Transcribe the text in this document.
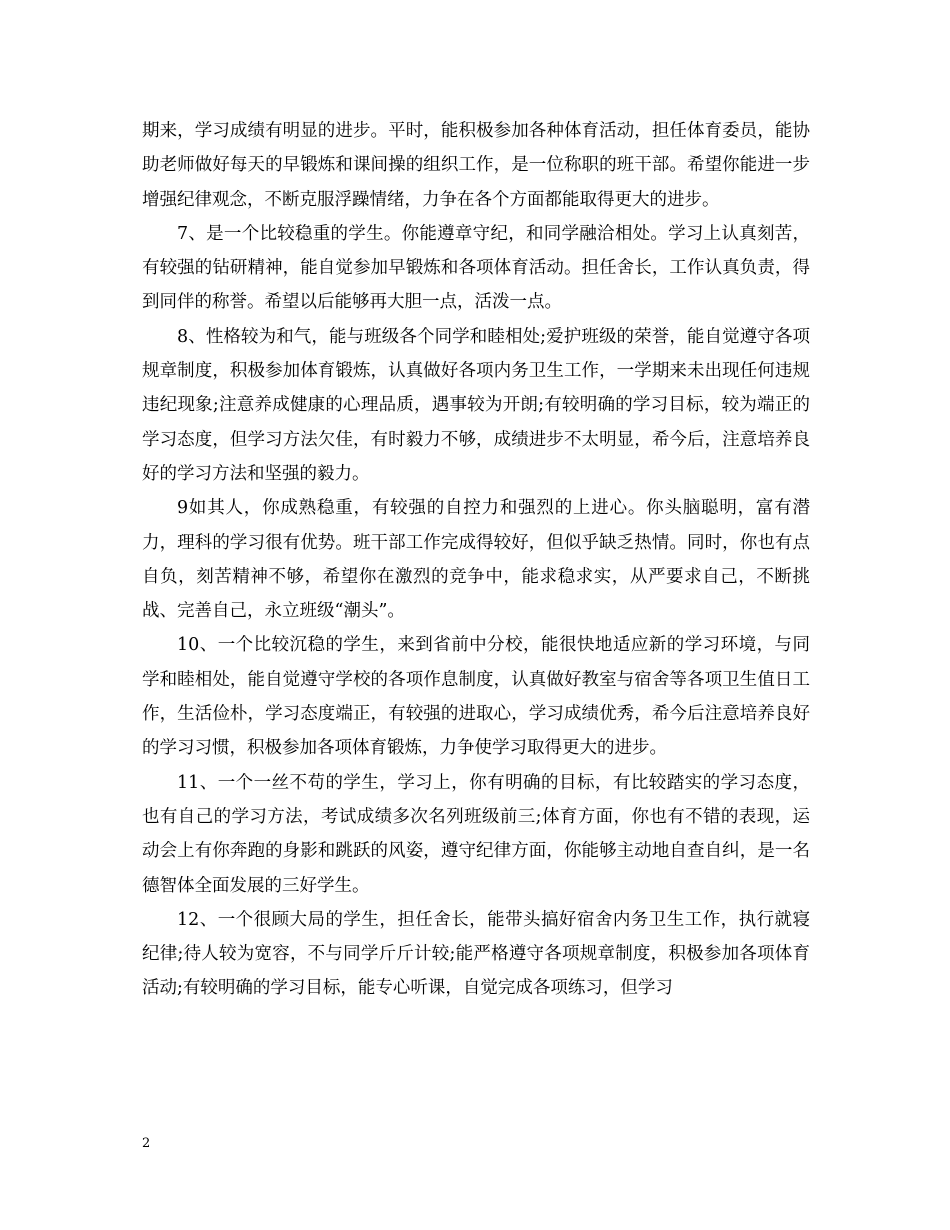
期来，学习成绩有明显的进步。平时，能积极参加各种体育活动，担任体育委员，能协助老师做好每天的早锻炼和课间操的组织工作，是一位称职的班干部。希望你能进一步增强纪律观念，不断克服浮躁情绪，力争在各个方面都能取得更大的进步。

7、是一个比较稳重的学生。你能遵章守纪，和同学融洽相处。学习上认真刻苦，有较强的钻研精神，能自觉参加早锻炼和各项体育活动。担任舍长，工作认真负责，得到同伴的称誉。希望以后能够再大胆一点，活泼一点。

8、性格较为和气，能与班级各个同学和睦相处;爱护班级的荣誉，能自觉遵守各项规章制度，积极参加体育锻炼，认真做好各项内务卫生工作，一学期来未出现任何违规违纪现象;注意养成健康的心理品质，遇事较为开朗;有较明确的学习目标，较为端正的学习态度，但学习方法欠佳，有时毅力不够，成绩进步不太明显，希今后，注意培养良好的学习方法和坚强的毅力。

9如其人，你成熟稳重，有较强的自控力和强烈的上进心。你头脑聪明，富有潜力，理科的学习很有优势。班干部工作完成得较好，但似乎缺乏热情。同时，你也有点自负，刻苦精神不够，希望你在激烈的竞争中，能求稳求实，从严要求自己，不断挑战、完善自己，永立班级“潮头”。

10、一个比较沉稳的学生，来到省前中分校，能很快地适应新的学习环境，与同学和睦相处，能自觉遵守学校的各项作息制度，认真做好教室与宿舍等各项卫生值日工作，生活俭朴，学习态度端正，有较强的进取心，学习成绩优秀，希今后注意培养良好的学习习惯，积极参加各项体育锻炼，力争使学习取得更大的进步。

11、一个一丝不苟的学生，学习上，你有明确的目标，有比较踏实的学习态度，也有自己的学习方法，考试成绩多次名列班级前三;体育方面，你也有不错的表现，运动会上有你奔跑的身影和跳跃的风姿，遵守纪律方面，你能够主动地自查自纠，是一名德智体全面发展的三好学生。

12、一个很顾大局的学生，担任舍长，能带头搞好宿舍内务卫生工作，执行就寝纪律;待人较为宽容，不与同学斤斤计较;能严格遵守各项规章制度，积极参加各项体育活动;有较明确的学习目标，能专心听课，自觉完成各项练习，但学习

2
